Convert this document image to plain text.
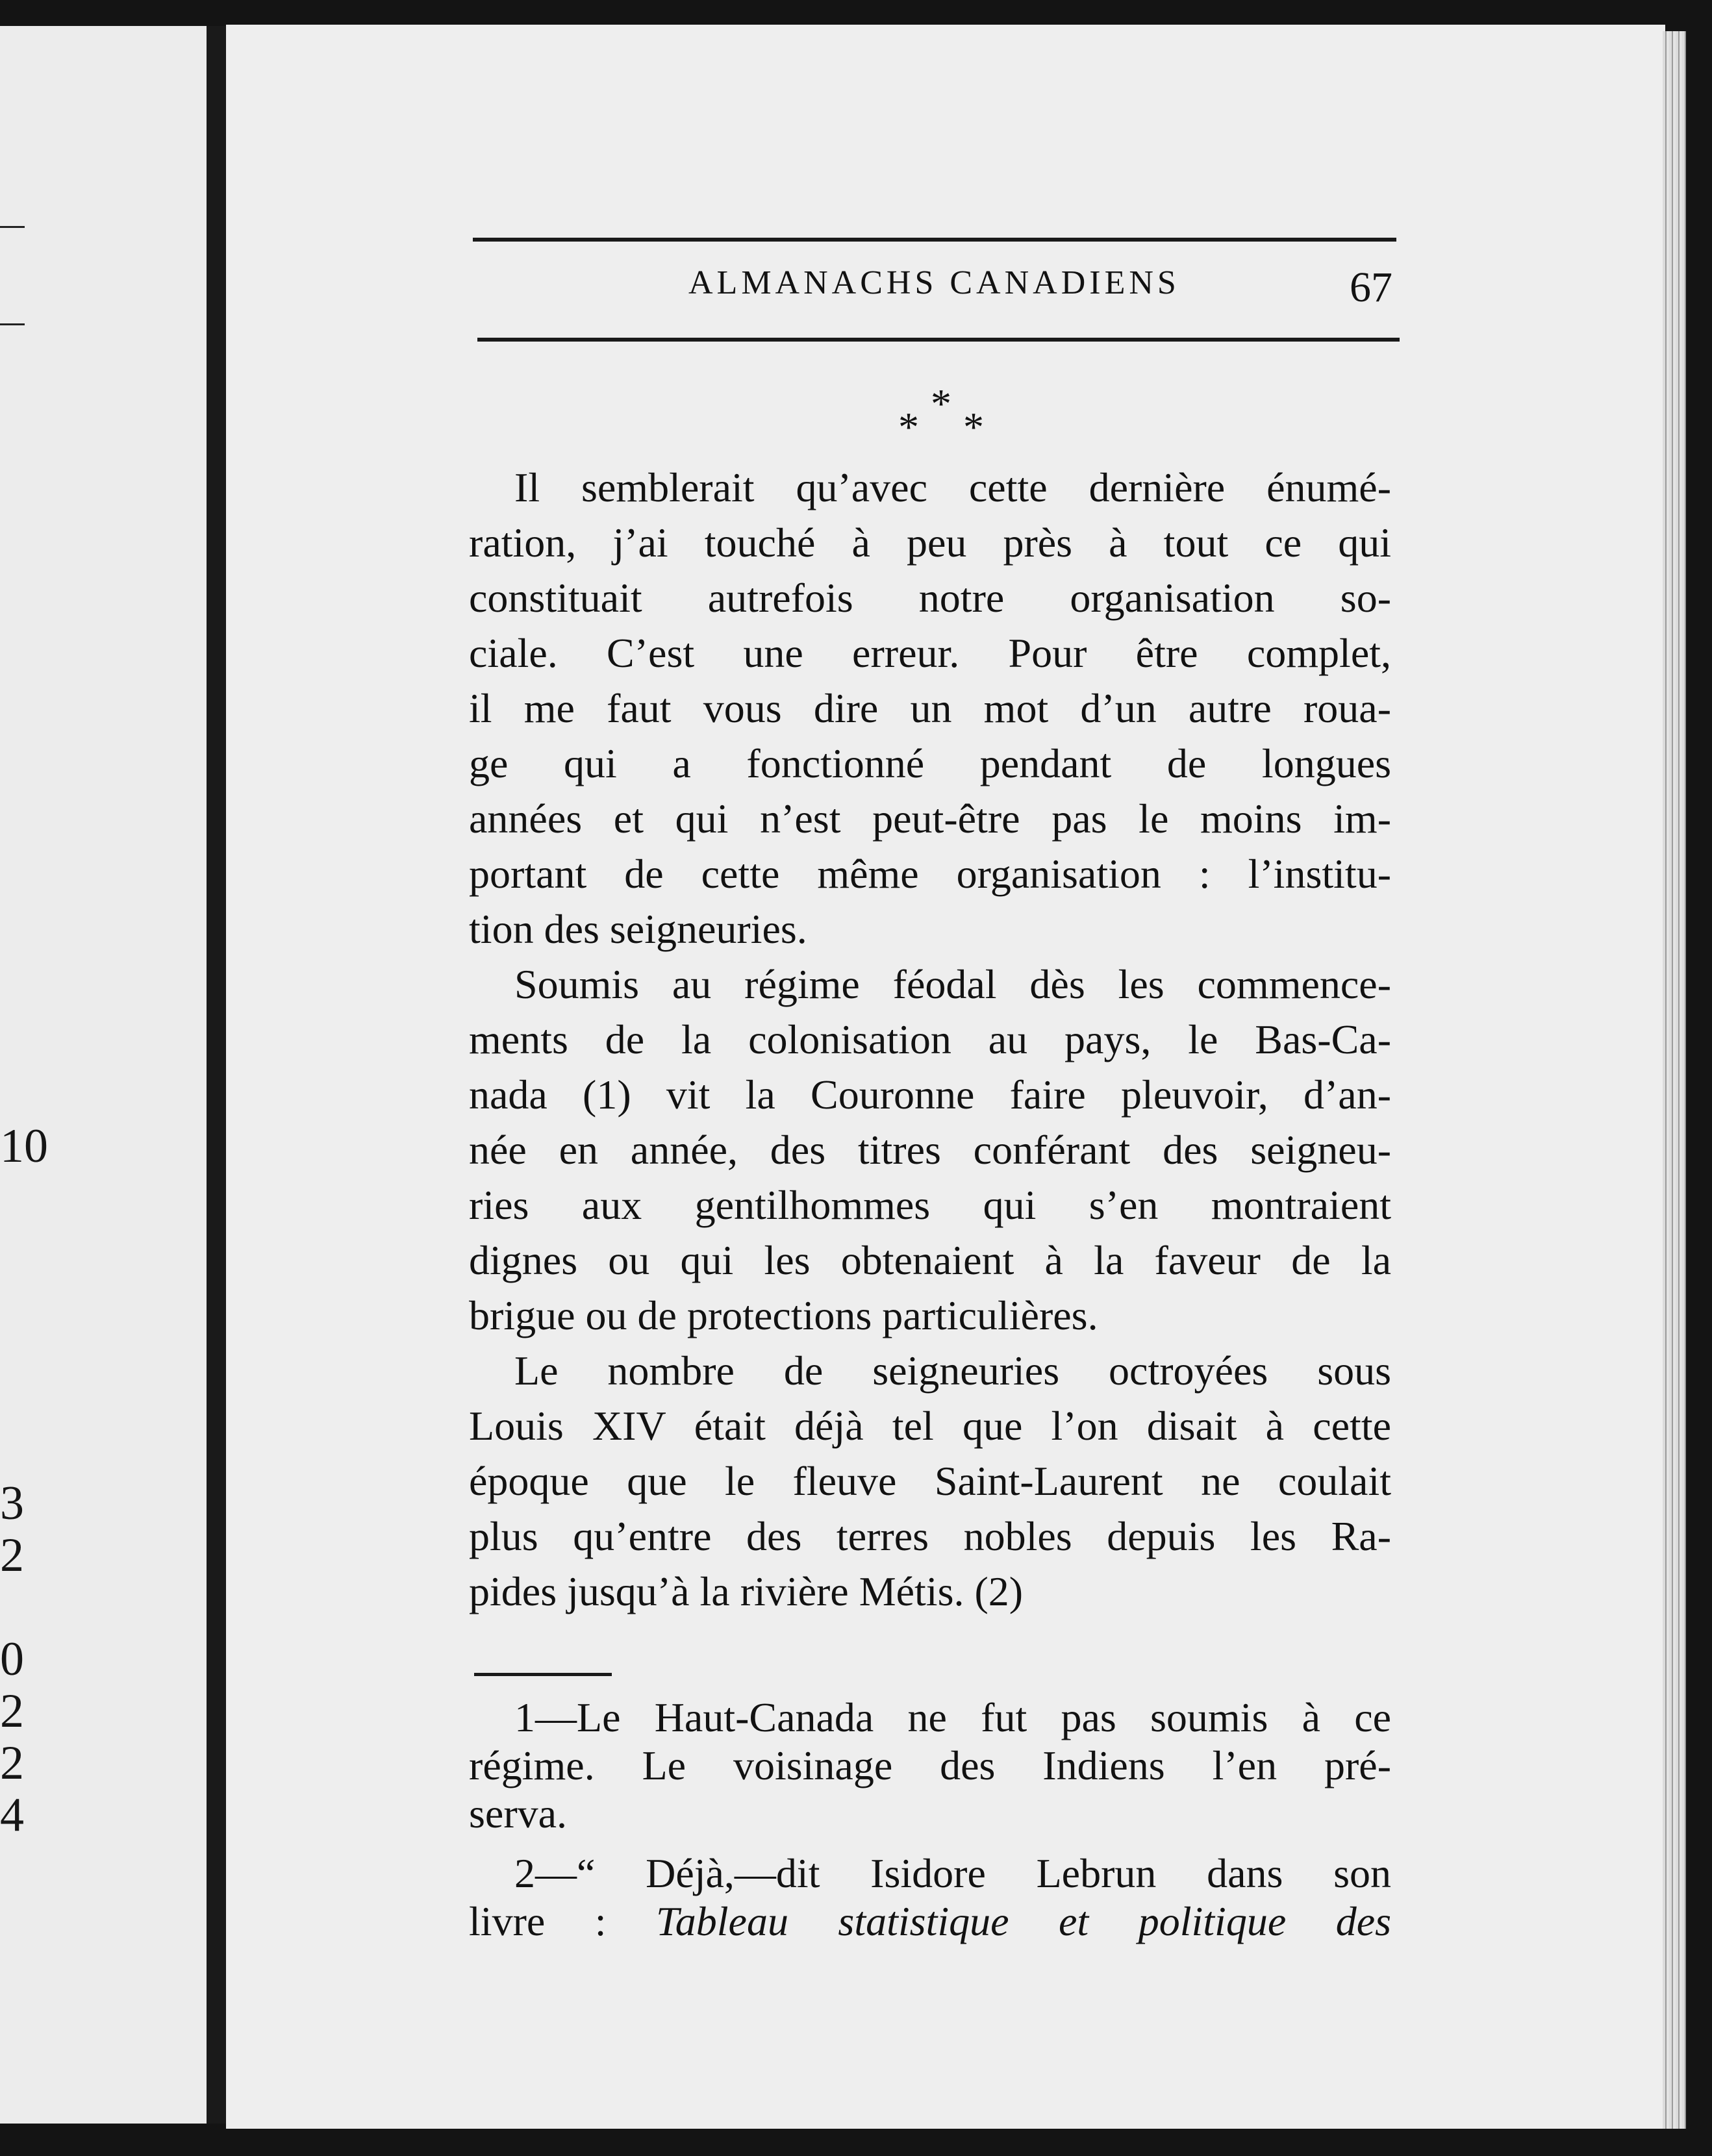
10
3
2
0
2
2
4
ALMANACHS CANADIENS	67
*
* *
Il semblerait qu’avec cette dernière énumé-
ration, j’ai touché à peu près à tout ce qui
constituait autrefois notre organisation so-
ciale. C’est une erreur. Pour être complet,
il me faut vous dire un mot d’un autre roua-
ge qui a fonctionné pendant de longues
années et qui n’est peut-être pas le moins im-
portant de cette même organisation : l’institu-
tion des seigneuries.
Soumis au régime féodal dès les commence-
ments de la colonisation au pays, le Bas-Ca-
nada (1) vit la Couronne faire pleuvoir, d’an-
née en année, des titres conférant des seigneu-
ries aux gentilhommes qui s’en montraient
dignes ou qui les obtenaient à la faveur de la
brigue ou de protections particulières.
Le nombre de seigneuries octroyées sous
Louis XIV était déjà tel que l’on disait à cette
époque que le fleuve Saint-Laurent ne coulait
plus qu’entre des terres nobles depuis les Ra-
pides jusqu’à la rivière Métis. (2)
1—Le Haut-Canada ne fut pas soumis à ce
régime. Le voisinage des Indiens l’en pré-
serva.
2—“ Déjà,—dit Isidore Lebrun dans son
livre : Tableau statistique et politique des
